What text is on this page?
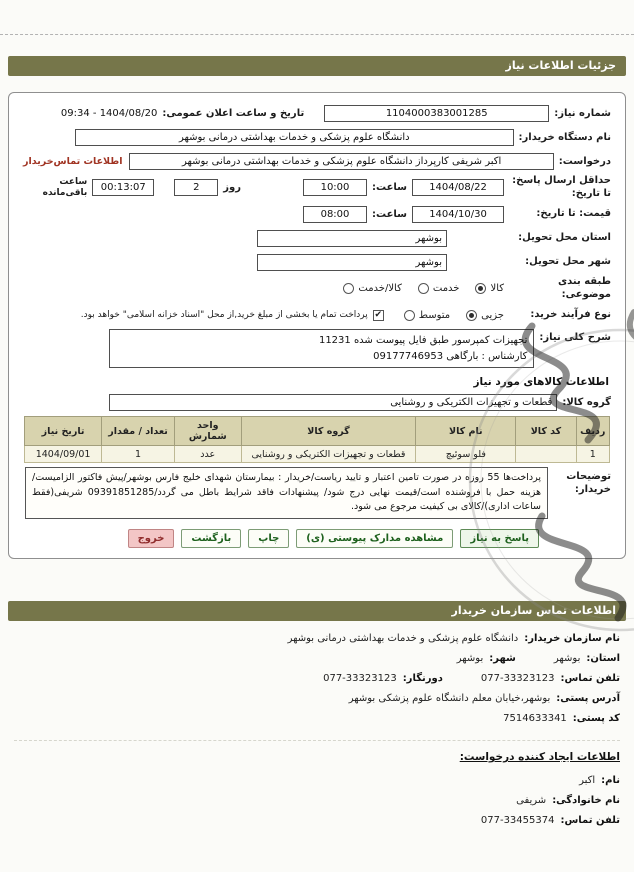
جزئیات اطلاعات نیاز
شماره نیاز:
1104000383001285
تاریخ و ساعت اعلان عمومی:
09:34 - 1404/08/20
نام دستگاه خریدار:
دانشگاه علوم پزشکی و خدمات بهداشتی درمانی بوشهر
درخواست:
اکبر شریفی کارپرداز دانشگاه علوم پزشکی و خدمات بهداشتی درمانی بوشهر
اطلاعات تماس‌خریدار
حداقل ارسال پاسخ: تا تاریخ:
1404/08/22
ساعت:
10:00
روز
2
00:13:07
ساعت باقی‌مانده
قیمت: تا تاریخ:
1404/10/30
ساعت:
08:00
استان محل تحویل:
بوشهر
شهر محل تحویل:
بوشهر
طبقه بندی موضوعی:
کالا
خدمت
کالا/خدمت
نوع فرآیند خرید:
جزیی
متوسط
✔
پرداخت تمام یا بخشی از مبلغ خرید,از محل "اسناد خزانه اسلامی" خواهد بود.
شرح کلی نیاز:
تجهیزات کمپرسور طبق فایل پیوست شده 11231
کارشناس : بارگاهی 09177746953
اطلاعات کالاهای مورد نیاز
گروه کالا:
قطعات و تجهیزات الکتریکی و روشنایی
ردیف	کد کالا	نام کالا	گروه کالا	واحد شمارش	تعداد / مقدار	تاریخ نیاز
1		فلو سوئیچ	قطعات و تجهیزات الکتریکی و روشنایی	عدد	1	1404/09/01
توضیحات خریدار:
پرداخت‌ها 55 روزه در صورت تامین اعتبار و تایید ریاست/خریدار : بیمارستان شهدای خلیج فارس بوشهر/پیش فاکتور الزامیست/ هزینه حمل با فروشنده است/قیمت نهایی درج شود/ پیشنهادات فاقد شرایط باطل می گردد/09391851285 شریفی(فقط ساعات اداری)/کالای بی کیفیت مرجوع می شود.
پاسخ به نیاز
مشاهده مدارک پیوستی (ی)
چاپ
بازگشت
خروج
اطلاعات تماس سازمان خریدار
نام سازمان خریدار:
دانشگاه علوم پزشکی و خدمات بهداشتی درمانی بوشهر
استان:
بوشهر
شهر:
بوشهر
تلفن تماس:
077-33323123
دورنگار:
077-33323123
آدرس پستی:
بوشهر،خیابان معلم دانشگاه علوم پزشکی بوشهر
کد پستی:
7514633341
اطلاعات ایجاد کننده درخواست:
نام:
اکبر
نام خانوادگی:
شریفی
تلفن تماس:
077-33455374
